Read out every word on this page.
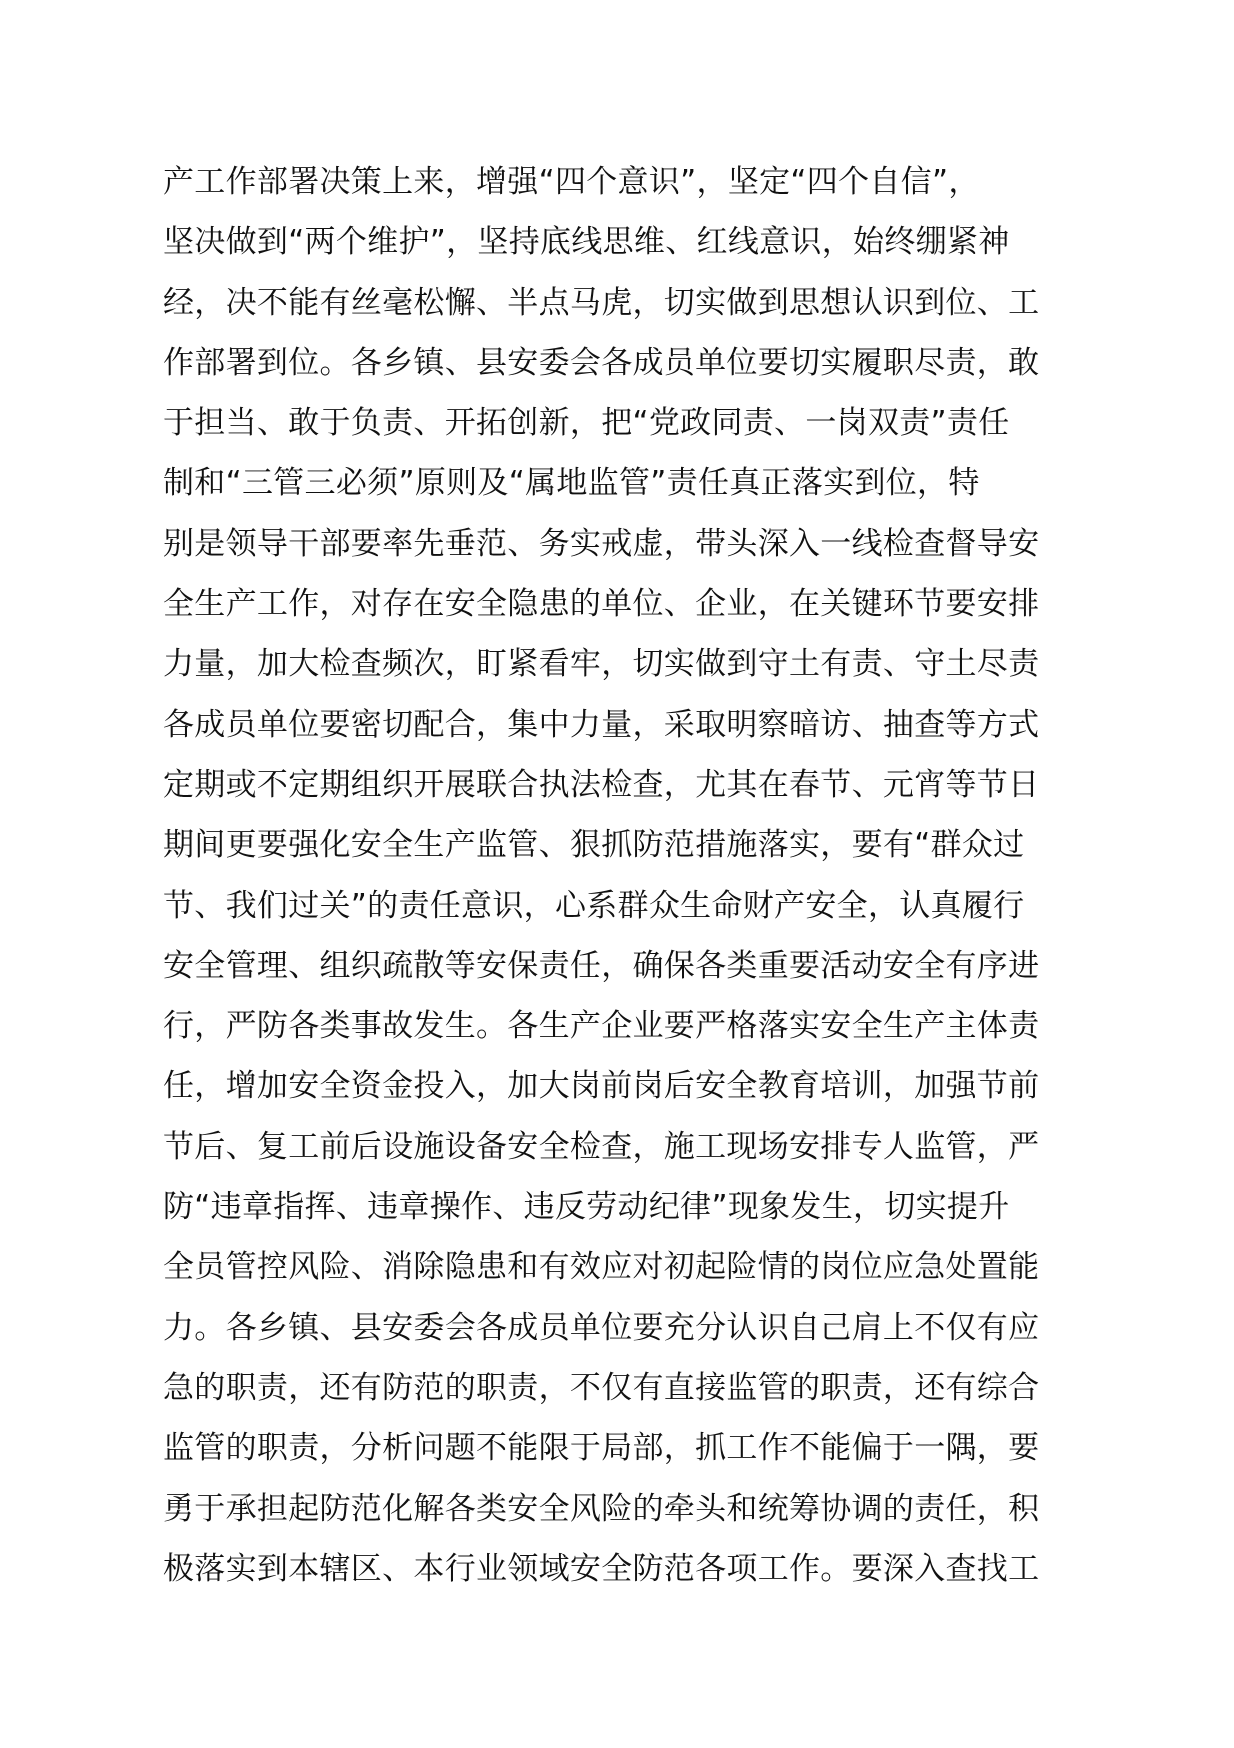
产工作部署决策上来，增强“四个意识”，坚定“四个自信”，
坚决做到“两个维护”，坚持底线思维、红线意识，始终绷紧神
经，决不能有丝毫松懈、半点马虎，切实做到思想认识到位、工
作部署到位。各乡镇、县安委会各成员单位要切实履职尽责，敢
于担当、敢于负责、开拓创新，把“党政同责、一岗双责”责任
制和“三管三必须”原则及“属地监管”责任真正落实到位，特
别是领导干部要率先垂范、务实戒虚，带头深入一线检查督导安
全生产工作，对存在安全隐患的单位、企业，在关键环节要安排
力量，加大检查频次，盯紧看牢，切实做到守土有责、守土尽责
各成员单位要密切配合，集中力量，采取明察暗访、抽查等方式
定期或不定期组织开展联合执法检查，尤其在春节、元宵等节日
期间更要强化安全生产监管、狠抓防范措施落实，要有“群众过
节、我们过关”的责任意识，心系群众生命财产安全，认真履行
安全管理、组织疏散等安保责任，确保各类重要活动安全有序进
行，严防各类事故发生。各生产企业要严格落实安全生产主体责
任，增加安全资金投入，加大岗前岗后安全教育培训，加强节前
节后、复工前后设施设备安全检查，施工现场安排专人监管，严
防“违章指挥、违章操作、违反劳动纪律”现象发生，切实提升
全员管控风险、消除隐患和有效应对初起险情的岗位应急处置能
力。各乡镇、县安委会各成员单位要充分认识自己肩上不仅有应
急的职责，还有防范的职责，不仅有直接监管的职责，还有综合
监管的职责，分析问题不能限于局部，抓工作不能偏于一隅，要
勇于承担起防范化解各类安全风险的牵头和统筹协调的责任，积
极落实到本辖区、本行业领域安全防范各项工作。要深入查找工
